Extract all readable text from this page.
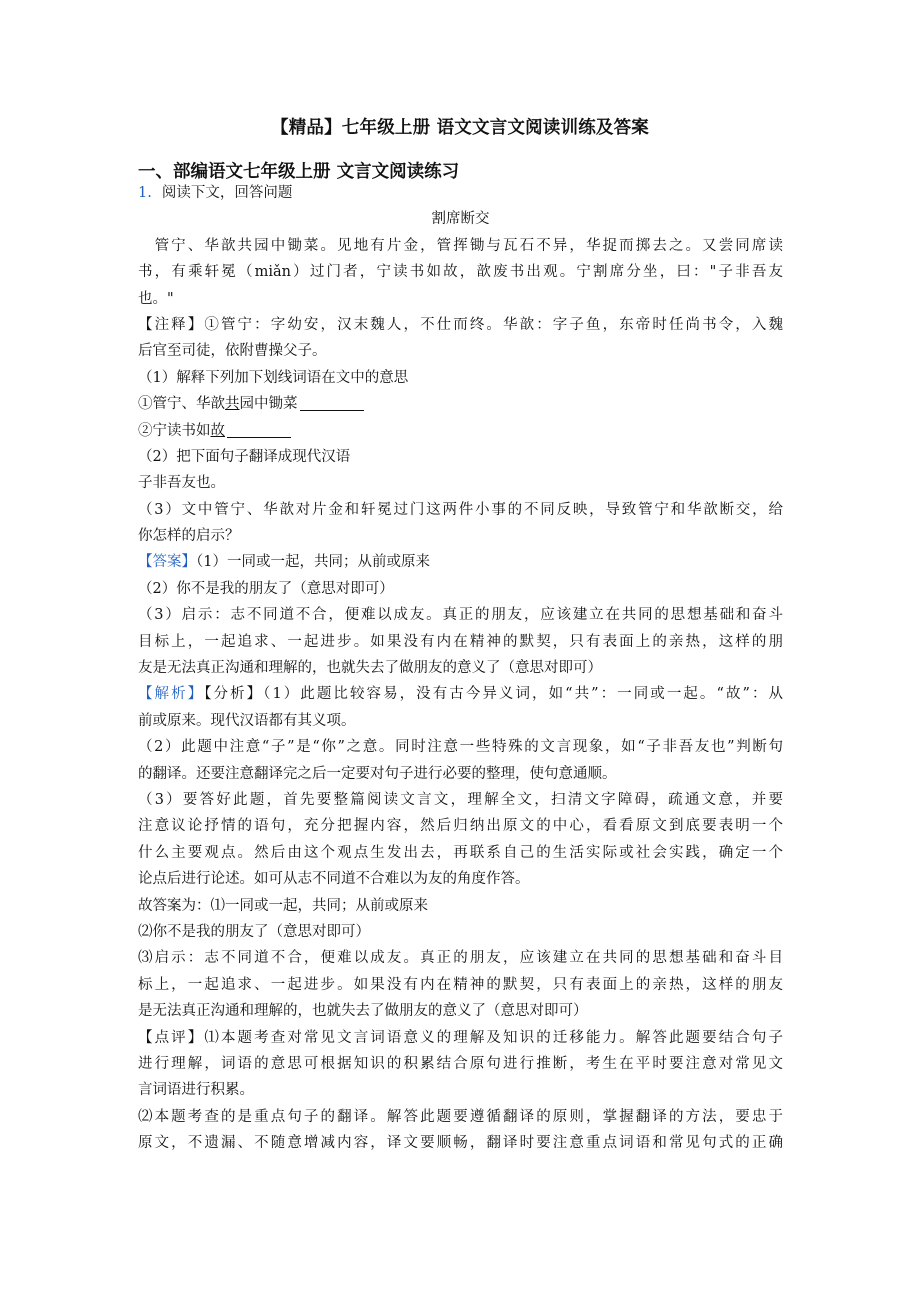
【精品】七年级上册 语文文言文阅读训练及答案
一、部编语文七年级上册 文言文阅读练习
1. 阅读下文，回答问题
割席断交
　管宁、华歆共园中锄菜。见地有片金，管挥锄与瓦石不异，华捉而掷去之。又尝同席读
书，有乘轩冕（miǎn）过门者，宁读书如故，歆废书出观。宁割席分坐，曰："子非吾友
也。"
【注释】①管宁：字幼安，汉末魏人，不仕而终。华歆：字子鱼，东帝时任尚书令，入魏
后官至司徒，依附曹操父子。
（1）解释下列加下划线词语在文中的意思
①管宁、华歆共园中锄菜
②宁读书如故
（2）把下面句子翻译成现代汉语
子非吾友也。
（3）文中管宁、华歆对片金和轩冕过门这两件小事的不同反映，导致管宁和华歆断交，给
你怎样的启示？
【答案】（1）一同或一起，共同；从前或原来
（2）你不是我的朋友了（意思对即可）
（3）启示：志不同道不合，便难以成友。真正的朋友，应该建立在共同的思想基础和奋斗
目标上，一起追求、一起进步。如果没有内在精神的默契，只有表面上的亲热，这样的朋
友是无法真正沟通和理解的，也就失去了做朋友的意义了（意思对即可）
【解析】【分析】（1）此题比较容易，没有古今异义词，如“共”：一同或一起。“故”：从
前或原来。现代汉语都有其义项。
（2）此题中注意“子”是“你”之意。同时注意一些特殊的文言现象，如“子非吾友也”判断句
的翻译。还要注意翻译完之后一定要对句子进行必要的整理，使句意通顺。
（3）要答好此题，首先要整篇阅读文言文，理解全文，扫清文字障碍，疏通文意，并要
注意议论抒情的语句，充分把握内容，然后归纳出原文的中心，看看原文到底要表明一个
什么主要观点。然后由这个观点生发出去，再联系自己的生活实际或社会实践，确定一个
论点后进行论述。如可从志不同道不合难以为友的角度作答。
故答案为：⑴一同或一起，共同；从前或原来
⑵你不是我的朋友了（意思对即可）
⑶启示：志不同道不合，便难以成友。真正的朋友，应该建立在共同的思想基础和奋斗目
标上，一起追求、一起进步。如果没有内在精神的默契，只有表面上的亲热，这样的朋友
是无法真正沟通和理解的，也就失去了做朋友的意义了（意思对即可）
【点评】⑴本题考查对常见文言词语意义的理解及知识的迁移能力。解答此题要结合句子
进行理解，词语的意思可根据知识的积累结合原句进行推断，考生在平时要注意对常见文
言词语进行积累。
⑵本题考查的是重点句子的翻译。解答此题要遵循翻译的原则，掌握翻译的方法，要忠于
原文，不遗漏、不随意增减内容，译文要顺畅，翻译时要注意重点词语和常见句式的正确
